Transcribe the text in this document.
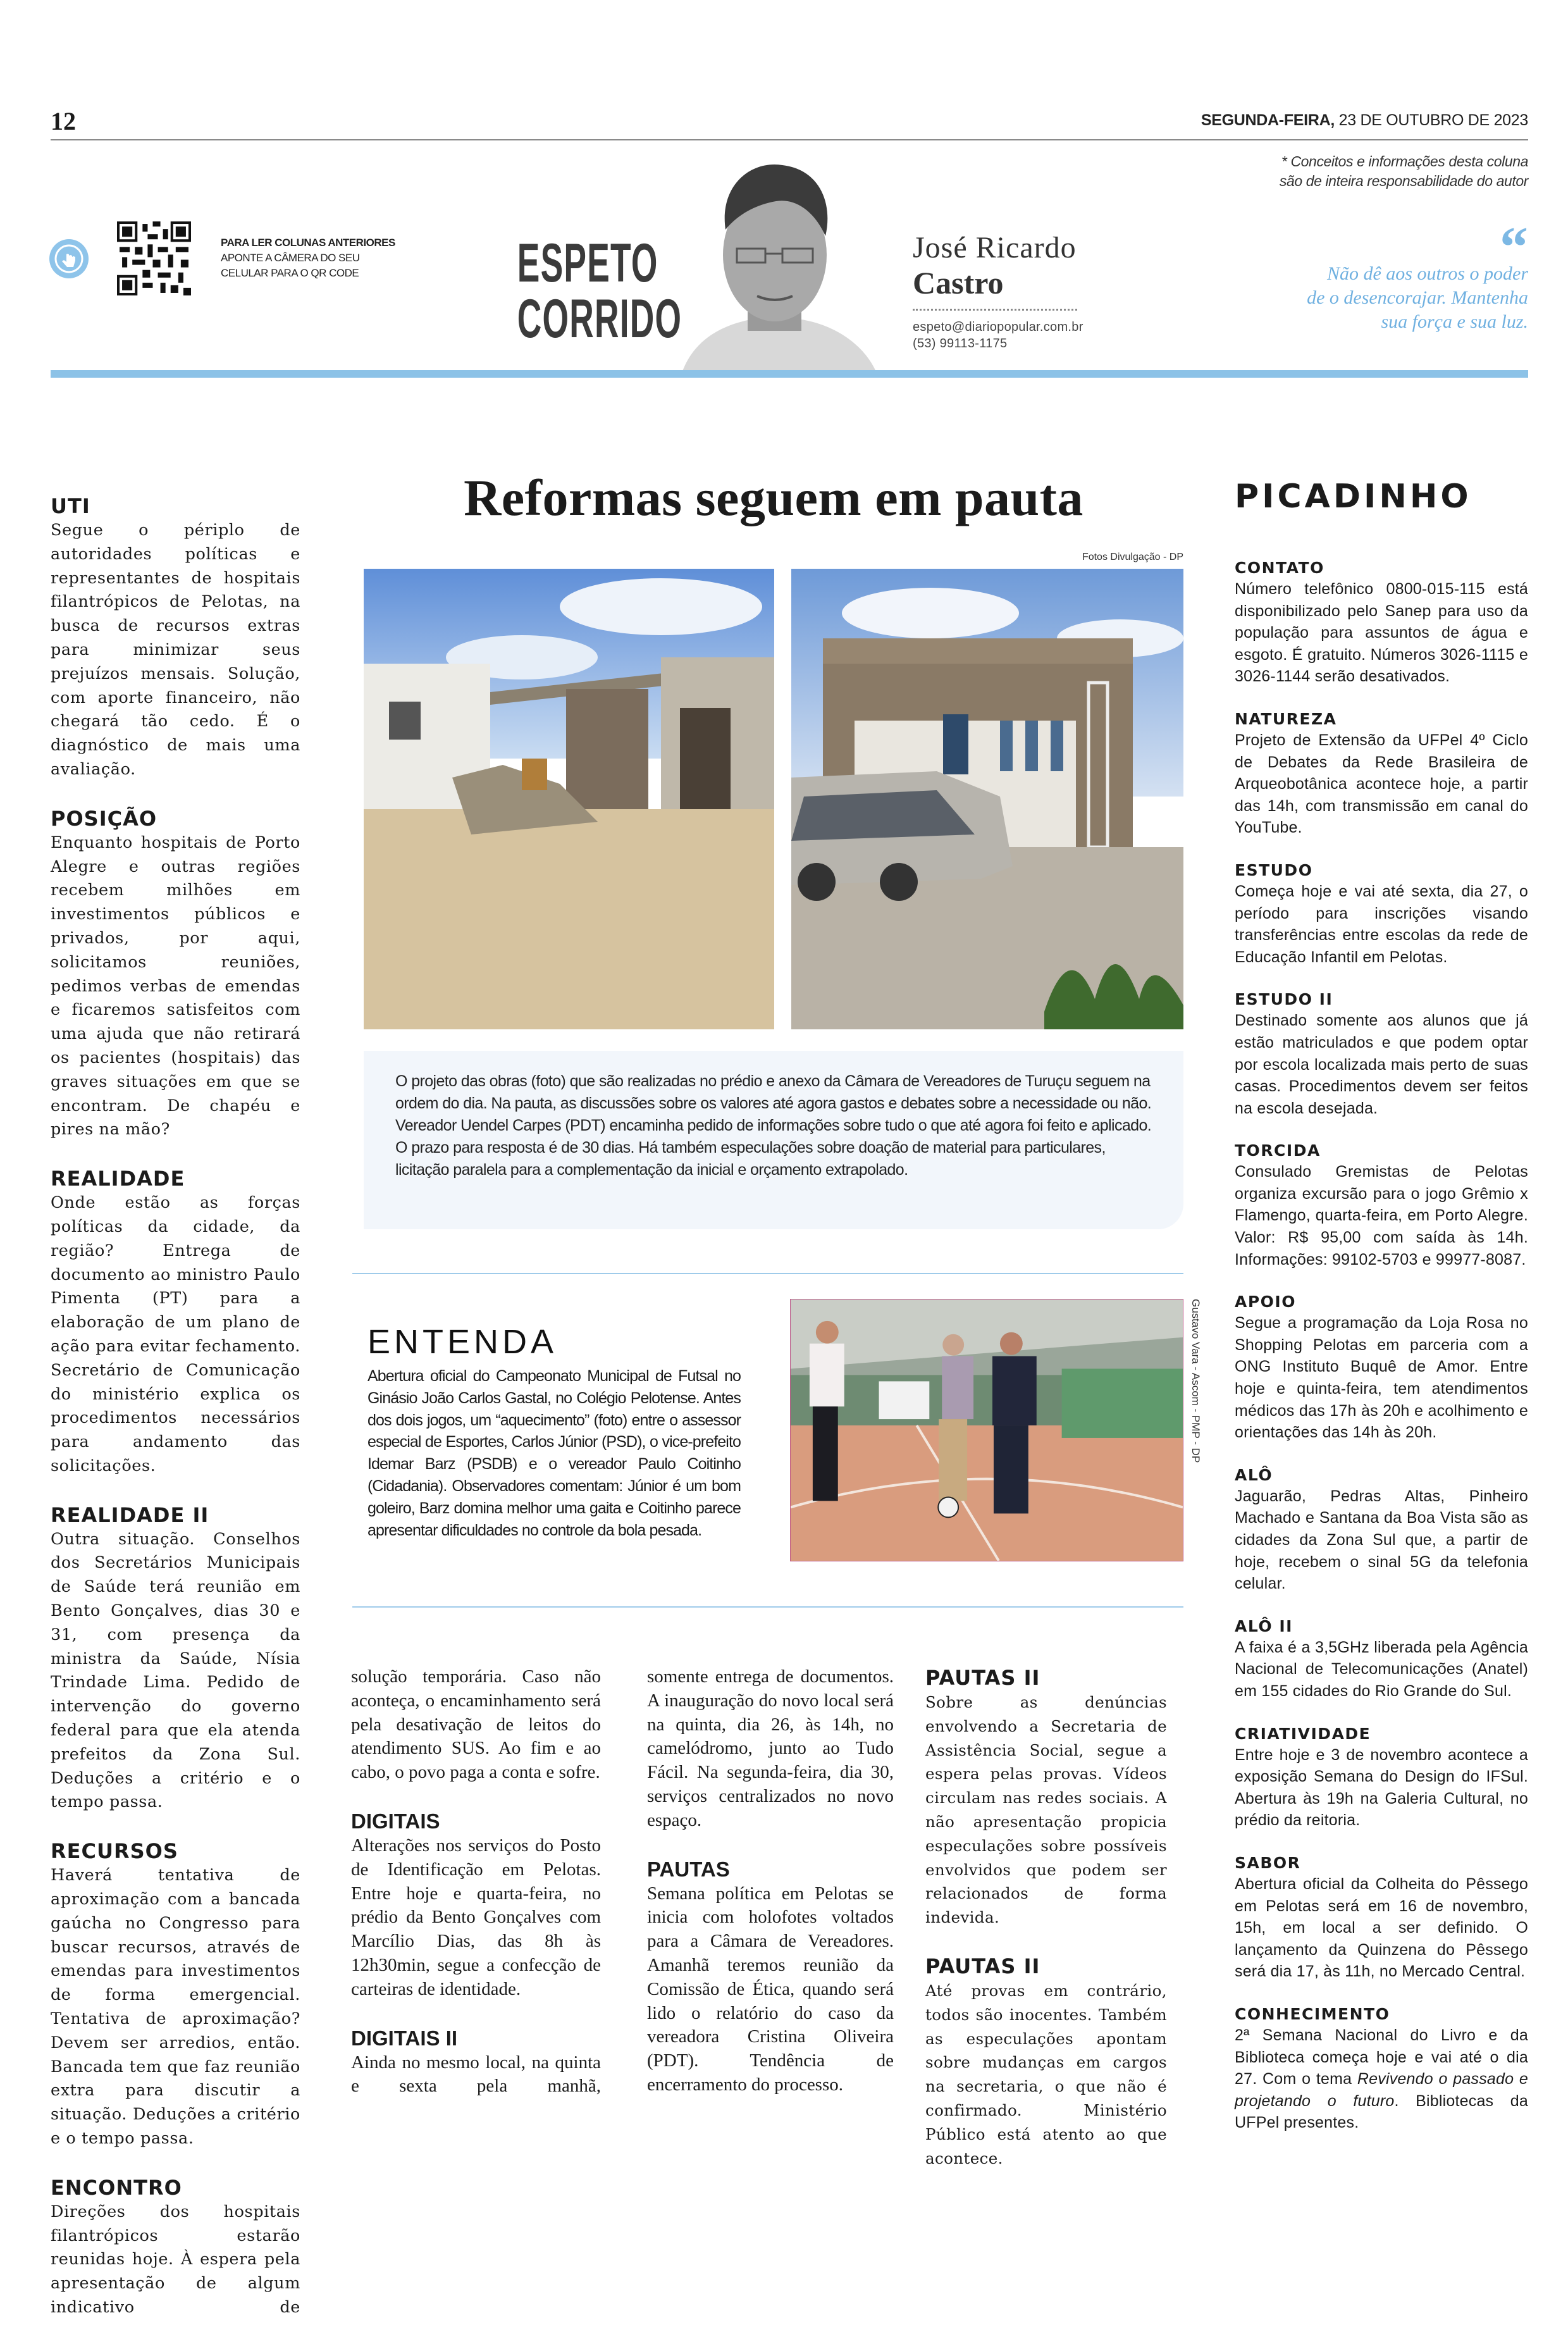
12	SEGUNDA-FEIRA, 23 DE OUTUBRO DE 2023
* Conceitos e informações desta coluna
são de inteira responsabilidade do autor
PARA LER COLUNAS ANTERIORES
APONTE A CÂMERA DO SEU
CELULAR PARA O QR CODE	ESPETO
CORRIDO
José Ricardo
Castro
espeto@diariopopular.com.br
(53) 99113-1175
“
Não dê aos outros o poder
de o desencorajar. Mantenha
sua força e sua luz.
UTI

Segue o périplo de autoridades políticas e representantes de hospitais filantrópicos de Pelotas, na busca de recursos extras para minimizar seus prejuízos mensais. Solução, com aporte financeiro, não chegará tão cedo. É o diagnóstico de mais uma avaliação.

POSIÇÃO

Enquanto hospitais de Porto Alegre e outras regiões recebem milhões em investimentos públicos e privados, por aqui, solicitamos reuniões, pedimos verbas de emendas e ficaremos satisfeitos com uma ajuda que não retirará os pacientes (hospitais) das graves situações em que se encontram. De chapéu e pires na mão?

REALIDADE

Onde estão as forças políticas da cidade, da região? Entrega de documento ao ministro Paulo Pimenta (PT) para a elaboração de um plano de ação para evitar fechamento. Secretário de Comunicação do ministério explica os procedimentos necessários para andamento das solicitações.

REALIDADE II

Outra situação. Conselhos dos Secretários Municipais de Saúde terá reunião em Bento Gonçalves, dias 30 e 31, com presença da ministra da Saúde, Nísia Trindade Lima. Pedido de intervenção do governo federal para que ela atenda prefeitos da Zona Sul. Deduções a critério e o tempo passa.

RECURSOS

Haverá tentativa de aproximação com a bancada gaúcha no Congresso para buscar recursos, através de emendas para investimentos de forma emergencial. Tentativa de aproximação? Devem ser arredios, então. Bancada tem que faz reunião extra para discutir a situação. Deduções a critério e o tempo passa.

ENCONTRO

Direções dos hospitais filantrópicos estarão reunidas hoje. À espera pela apresentação de algum indicativo de

Reformas seguem em pauta
Fotos Divulgação - DP
O projeto das obras (foto) que são realizadas no prédio e anexo da Câmara de Vereadores de Turuçu seguem na ordem do dia. Na pauta, as discussões sobre os valores até agora gastos e debates sobre a necessidade ou não. Vereador Uendel Carpes (PDT) encaminha pedido de informações sobre tudo o que até agora foi feito e aplicado. O prazo para resposta é de 30 dias. Há também especulações sobre doação de material para particulares, licitação paralela para a complementação da inicial e orçamento extrapolado.
ENTENDA
Abertura oficial do Campeonato Municipal de Futsal no Ginásio João Carlos Gastal, no Colégio Pelotense. Antes dos dois jogos, um “aquecimento” (foto) entre o assessor especial de Esportes, Carlos Júnior (PSD), o vice-prefeito Idemar Barz (PSDB) e o vereador Paulo Coitinho (Cidadania). Observadores comentam: Júnior é um bom goleiro, Barz domina melhor uma gaita e Coitinho parece apresentar dificuldades no controle da bola pesada.
Gustavo Vara - Ascom - PMP - DP

solução temporária. Caso não aconteça, o encaminhamento será pela desativação de leitos do atendimento SUS. Ao fim e ao cabo, o povo paga a conta e sofre.

DIGITAIS

Alterações nos serviços do Posto de Identificação em Pelotas. Entre hoje e quarta-feira, no prédio da Bento Gonçalves com Marcílio Dias, das 8h às 12h30min, segue a confecção de carteiras de identidade.

DIGITAIS II

Ainda no mesmo local, na quinta e sexta pela manhã,

somente entrega de documentos. A inauguração do novo local será na quinta, dia 26, às 14h, no camelódromo, junto ao Tudo Fácil. Na segunda-feira, dia 30, serviços centralizados no novo espaço.

PAUTAS

Semana política em Pelotas se inicia com holofotes voltados para a Câmara de Vereadores. Amanhã teremos reunião da Comissão de Ética, quando será lido o relatório do caso da vereadora Cristina Oliveira (PDT). Tendência de encerramento do processo.

PAUTAS II

Sobre as denúncias envolvendo a Secretaria de Assistência Social, segue a espera pelas provas. Vídeos circulam nas redes sociais. A não apresentação propicia especulações sobre possíveis envolvidos que podem ser relacionados de forma indevida.

PAUTAS II

Até provas em contrário, todos são inocentes. Também as especulações apontam sobre mudanças em cargos na secretaria, o que não é confirmado. Ministério Público está atento ao que acontece.

PICADINHO
CONTATO

Número telefônico 0800-015-115 está disponibilizado pelo Sanep para uso da população para assuntos de água e esgoto. É gratuito. Números 3026-1115 e 3026-1144 serão desativados.

NATUREZA

Projeto de Extensão da UFPel 4º Ciclo de Debates da Rede Brasileira de Arqueobotânica acontece hoje, a partir das 14h, com transmissão em canal do YouTube.

ESTUDO

Começa hoje e vai até sexta, dia 27, o período para inscrições visando transferências entre escolas da rede de Educação Infantil em Pelotas.

ESTUDO II

Destinado somente aos alunos que já estão matriculados e que podem optar por escola localizada mais perto de suas casas. Procedimentos devem ser feitos na escola desejada.

TORCIDA

Consulado Gremistas de Pelotas organiza excursão para o jogo Grêmio x Flamengo, quarta-feira, em Porto Alegre. Valor: R$ 95,00 com saída às 14h. Informações: 99102-5703 e 99977-8087.

APOIO

Segue a programação da Loja Rosa no Shopping Pelotas em parceria com a ONG Instituto Buquê de Amor. Entre hoje e quinta-feira, tem atendimentos médicos das 17h às 20h e acolhimento e orientações das 14h às 20h.

ALÔ

Jaguarão, Pedras Altas, Pinheiro Machado e Santana da Boa Vista são as cidades da Zona Sul que, a partir de hoje, recebem o sinal 5G da telefonia celular.

ALÔ II

A faixa é a 3,5GHz liberada pela Agência Nacional de Telecomunicações (Anatel) em 155 cidades do Rio Grande do Sul.

CRIATIVIDADE

Entre hoje e 3 de novembro acontece a exposição Semana do Design do IFSul. Abertura às 19h na Galeria Cultural, no prédio da reitoria.

SABOR

Abertura oficial da Colheita do Pêssego em Pelotas será em 16 de novembro, 15h, em local a ser definido. O lançamento da Quinzena do Pêssego será dia 17, às 11h, no Mercado Central.

CONHECIMENTO

2ª Semana Nacional do Livro e da Biblioteca começa hoje e vai até o dia 27. Com o tema Revivendo o passado e projetando o futuro. Bibliotecas da UFPel presentes.
